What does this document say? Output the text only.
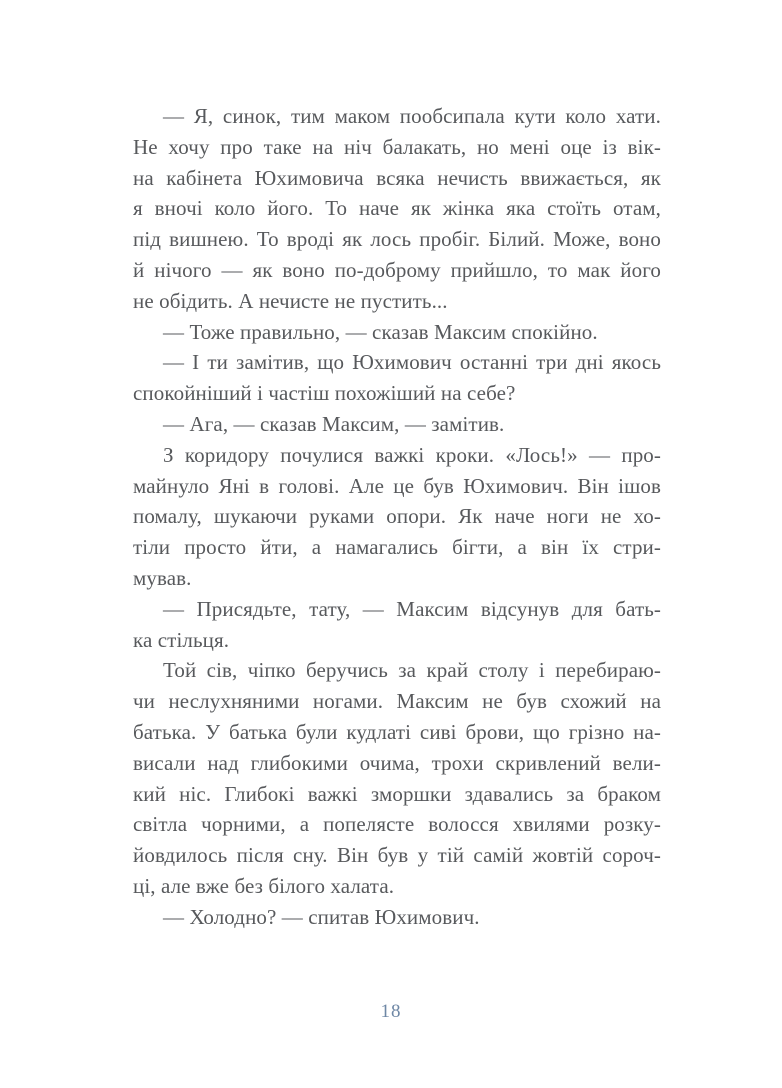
— Я, синок, тим маком пообсипала кути коло хати.
Не хочу про таке на ніч балакать, но мені оце із вік-
на кабінета Юхимовича всяка нечисть ввижається, як
я вночі коло його. То наче як жінка яка стоїть отам,
під вишнею. То вроді як лось пробіг. Білий. Може, воно
й нічого — як воно по-доброму прийшло, то мак його
не обідить. А нечисте не пустить...
— Тоже правильно, — сказав Максим спокійно.
— І ти замітив, що Юхимович останні три дні якось
спокойніший і частіш похожіший на себе?
— Ага, — сказав Максим, — замітив.
З коридору почулися важкі кроки. «Лось!» — про-
майнуло Яні в голові. Але це був Юхимович. Він ішов
помалу, шукаючи руками опори. Як наче ноги не хо-
тіли просто йти, а намагались бігти, а він їх стри-
мував.
— Присядьте, тату, — Максим відсунув для бать-
ка стільця.
Той сів, чіпко беручись за край столу і перебираю-
чи неслухняними ногами. Максим не був схожий на
батька. У батька були кудлаті сиві брови, що грізно на-
висали над глибокими очима, трохи скривлений вели-
кий ніс. Глибокі важкі зморшки здавались за браком
світла чорними, а попелясте волосся хвилями розку-
йовдилось після сну. Він був у тій самій жовтій сороч-
ці, але вже без білого халата.
— Холодно? — спитав Юхимович.
18
